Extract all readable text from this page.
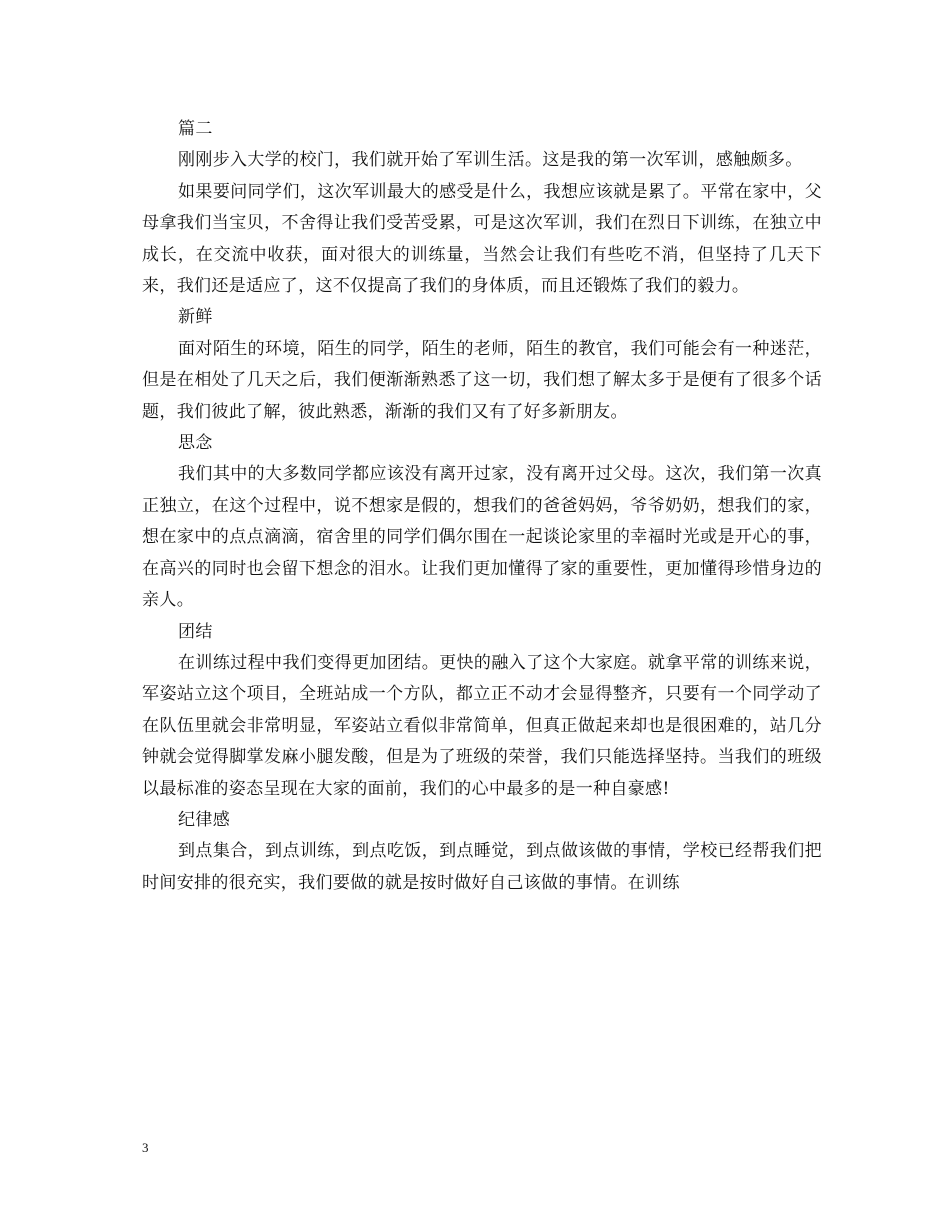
篇二

刚刚步入大学的校门，我们就开始了军训生活。这是我的第一次军训，感触颇多。

如果要问同学们，这次军训最大的感受是什么，我想应该就是累了。平常在家中，父母拿我们当宝贝，不舍得让我们受苦受累，可是这次军训，我们在烈日下训练，在独立中成长，在交流中收获，面对很大的训练量，当然会让我们有些吃不消，但坚持了几天下来，我们还是适应了，这不仅提高了我们的身体质，而且还锻炼了我们的毅力。

新鲜

面对陌生的环境，陌生的同学，陌生的老师，陌生的教官，我们可能会有一种迷茫，但是在相处了几天之后，我们便渐渐熟悉了这一切，我们想了解太多于是便有了很多个话题，我们彼此了解，彼此熟悉，渐渐的我们又有了好多新朋友。

思念

我们其中的大多数同学都应该没有离开过家，没有离开过父母。这次，我们第一次真正独立，在这个过程中，说不想家是假的，想我们的爸爸妈妈，爷爷奶奶，想我们的家，想在家中的点点滴滴，宿舍里的同学们偶尔围在一起谈论家里的幸福时光或是开心的事，在高兴的同时也会留下想念的泪水。让我们更加懂得了家的重要性，更加懂得珍惜身边的亲人。

团结

在训练过程中我们变得更加团结。更快的融入了这个大家庭。就拿平常的训练来说，军姿站立这个项目，全班站成一个方队，都立正不动才会显得整齐，只要有一个同学动了在队伍里就会非常明显，军姿站立看似非常简单，但真正做起来却也是很困难的，站几分钟就会觉得脚掌发麻小腿发酸，但是为了班级的荣誉，我们只能选择坚持。当我们的班级以最标准的姿态呈现在大家的面前，我们的心中最多的是一种自豪感!

纪律感

到点集合，到点训练，到点吃饭，到点睡觉，到点做该做的事情，学校已经帮我们把时间安排的很充实，我们要做的就是按时做好自己该做的事情。在训练

3
